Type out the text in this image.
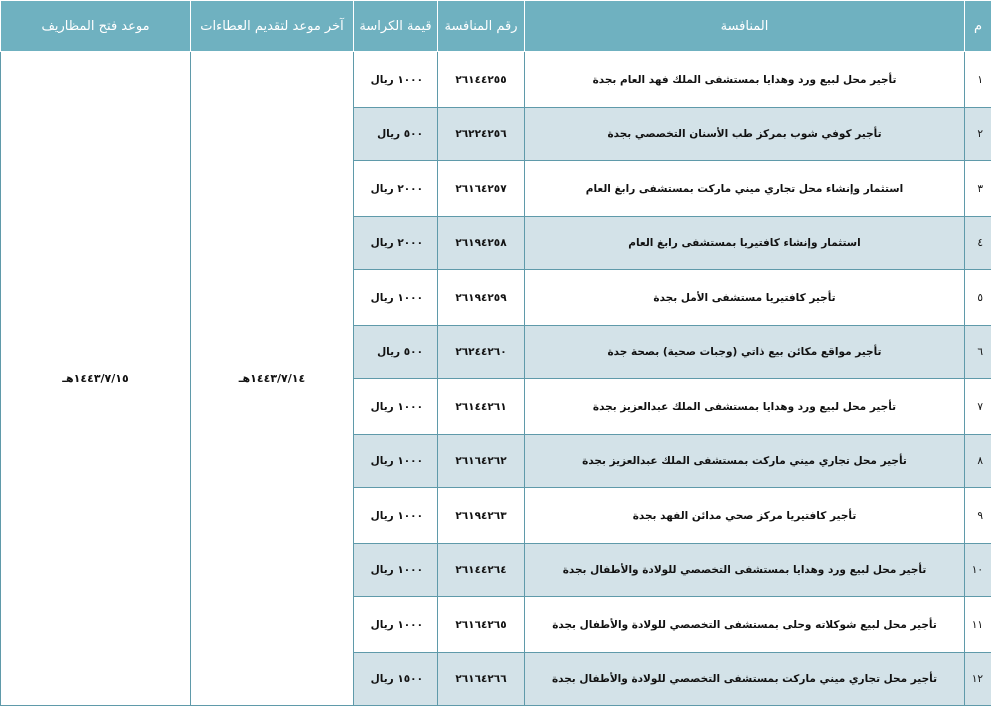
م	المنافسة	رقم المنافسة	قيمة الكراسة	آخر موعد لتقديم العطاءات	موعد فتح المظاريف
١	تأجير محل لبيع ورد وهدايا بمستشفى الملك فهد العام بجدة	٢٦١٤٤٢٥٥	١٠٠٠ ريال	١٤٤٣/٧/١٤هـ	١٤٤٣/٧/١٥هـ
٢	تأجير كوفي شوب بمركز طب الأسنان التخصصي بجدة	٢٦٢٢٤٢٥٦	٥٠٠ ريال		
٣	استثمار وإنشاء محل تجاري ميني ماركت بمستشفى رابغ العام	٢٦١٦٤٢٥٧	٢٠٠٠ ريال		
٤	استثمار وإنشاء كافتيريا بمستشفى رابغ العام	٢٦١٩٤٢٥٨	٢٠٠٠ ريال		
٥	تأجير كافتيريا مستشفى الأمل بجدة	٢٦١٩٤٢٥٩	١٠٠٠ ريال		
٦	تأجير مواقع مكائن بيع ذاتي (وجبات صحية) بصحة جدة	٢٦٢٤٤٢٦٠	٥٠٠ ريال		
٧	تأجير محل لبيع ورد وهدايا بمستشفى الملك عبدالعزيز بجدة	٢٦١٤٤٢٦١	١٠٠٠ ريال		
٨	تأجير محل تجاري ميني ماركت بمستشفى الملك عبدالعزيز بجدة	٢٦١٦٤٢٦٢	١٠٠٠ ريال		
٩	تأجير كافتيريا مركز صحي مدائن الفهد بجدة	٢٦١٩٤٢٦٣	١٠٠٠ ريال		
١٠	تأجير محل لبيع ورد وهدايا بمستشفى التخصصي للولادة والأطفال بجدة	٢٦١٤٤٢٦٤	١٠٠٠ ريال		
١١	تأجير محل لبيع شوكلاته وحلى بمستشفى التخصصي للولادة والأطفال بجدة	٢٦١٦٤٢٦٥	١٠٠٠ ريال		
١٢	تأجير محل تجاري ميني ماركت بمستشفى التخصصي للولادة والأطفال بجدة	٢٦١٦٤٢٦٦	١٥٠٠ ريال		
